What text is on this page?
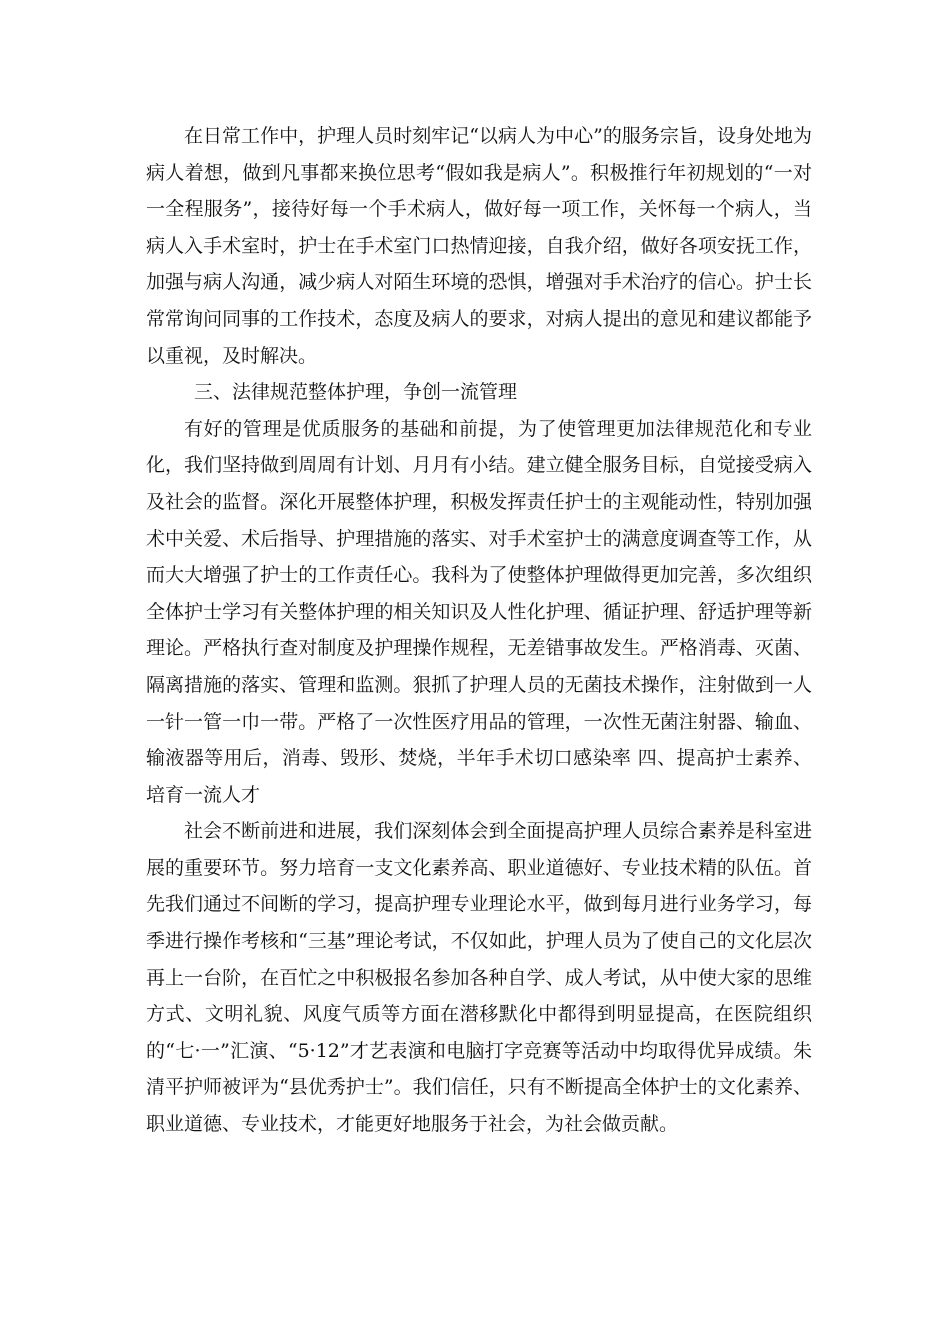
在日常工作中，护理人员时刻牢记“以病人为中心”的服务宗旨，设身处地为病人着想，做到凡事都来换位思考“假如我是病人”。积极推行年初规划的“一对一全程服务”，接待好每一个手术病人，做好每一项工作，关怀每一个病人，当病人入手术室时，护士在手术室门口热情迎接，自我介绍，做好各项安抚工作，加强与病人沟通，减少病人对陌生环境的恐惧，增强对手术治疗的信心。护士长常常询问同事的工作技术，态度及病人的要求，对病人提出的意见和建议都能予以重视，及时解决。

三、法律规范整体护理，争创一流管理

有好的管理是优质服务的基础和前提，为了使管理更加法律规范化和专业化，我们坚持做到周周有计划、月月有小结。建立健全服务目标，自觉接受病入及社会的监督。深化开展整体护理，积极发挥责任护士的主观能动性，特别加强术中关爱、术后指导、护理措施的落实、对手术室护士的满意度调查等工作，从而大大增强了护士的工作责任心。我科为了使整体护理做得更加完善，多次组织全体护士学习有关整体护理的相关知识及人性化护理、循证护理、舒适护理等新理论。严格执行查对制度及护理操作规程，无差错事故发生。严格消毒、灭菌、隔离措施的落实、管理和监测。狠抓了护理人员的无菌技术操作，注射做到一人一针一管一巾一带。严格了一次性医疗用品的管理，一次性无菌注射器、输血、输液器等用后，消毒、毁形、焚烧，半年手术切口感染率 四、提高护士素养、培育一流人才

社会不断前进和进展，我们深刻体会到全面提高护理人员综合素养是科室进展的重要环节。努力培育一支文化素养高、职业道德好、专业技术精的队伍。首先我们通过不间断的学习，提高护理专业理论水平，做到每月进行业务学习，每季进行操作考核和“三基”理论考试，不仅如此，护理人员为了使自己的文化层次再上一台阶，在百忙之中积极报名参加各种自学、成人考试，从中使大家的思维方式、文明礼貌、风度气质等方面在潜移默化中都得到明显提高，在医院组织的“七·一”汇演、“5·12”才艺表演和电脑打字竞赛等活动中均取得优异成绩。朱清平护师被评为“县优秀护士”。我们信任，只有不断提高全体护士的文化素养、职业道德、专业技术，才能更好地服务于社会，为社会做贡献。
